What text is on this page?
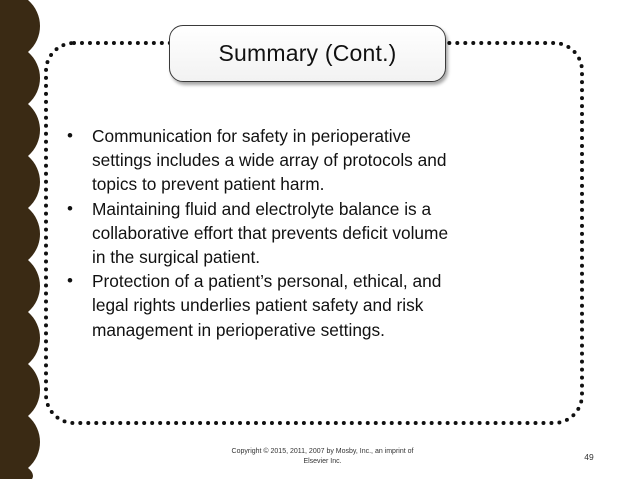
Summary (Cont.)
• Communication for safety in perioperative
settings includes a wide array of protocols and
topics to prevent patient harm.
• Maintaining fluid and electrolyte balance is a
collaborative effort that prevents deficit volume
in the surgical patient.
• Protection of a patient’s personal, ethical, and
legal rights underlies patient safety and risk
management in perioperative settings.
Copyright © 2015, 2011, 2007 by Mosby, Inc., an imprint of
Elsevier Inc.	49
